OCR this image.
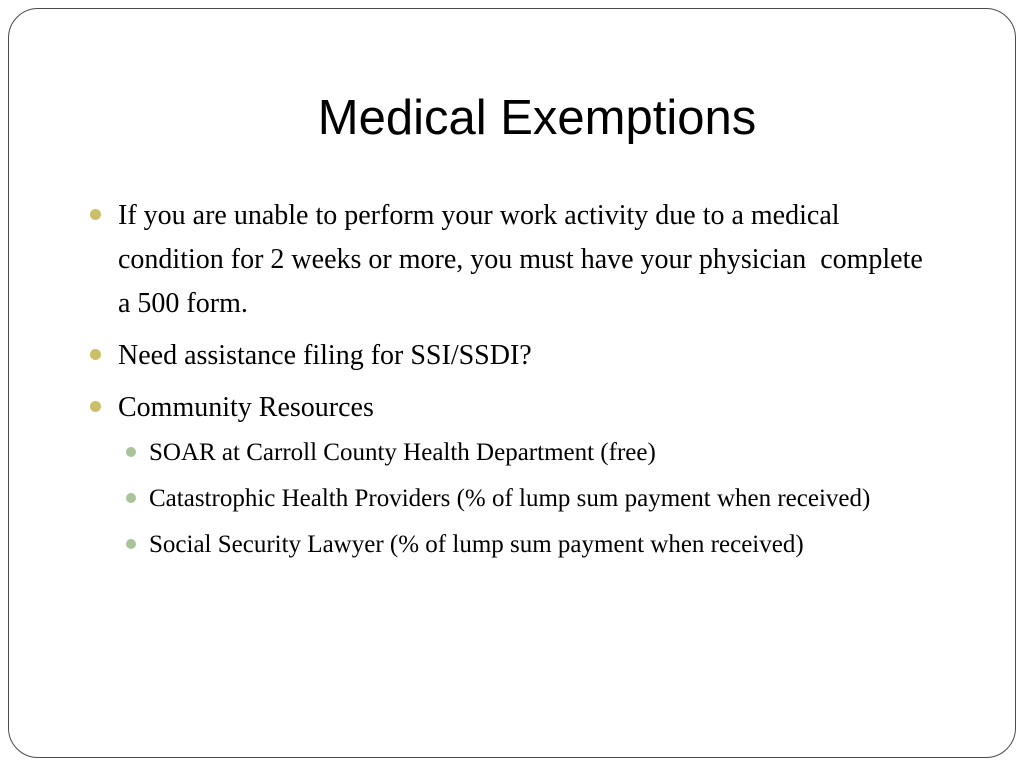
Medical Exemptions
If you are unable to perform your work activity due to a medical condition for 2 weeks or more, you must have your physician  complete a 500 form.
Need assistance filing for SSI/SSDI?
Community Resources
SOAR at Carroll County Health Department (free)
Catastrophic Health Providers (% of lump sum payment when received)
Social Security Lawyer (% of lump sum payment when received)
